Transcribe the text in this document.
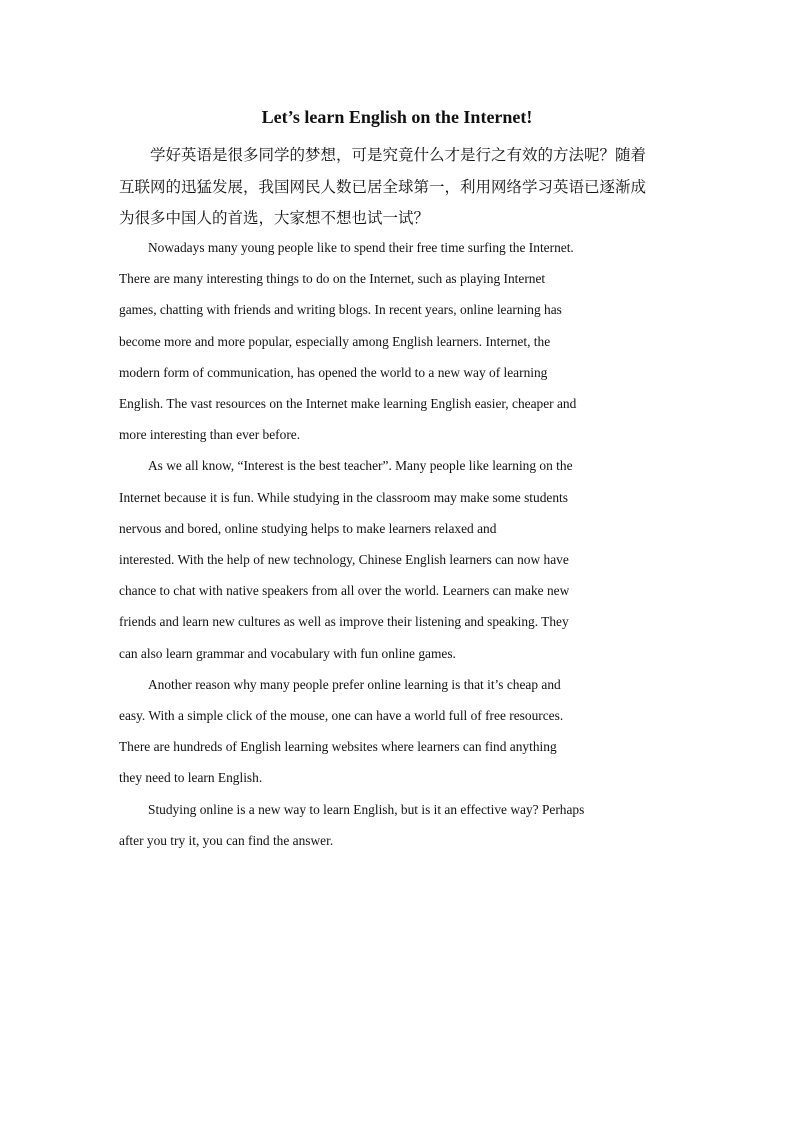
Let’s learn English on the Internet!

学好英语是很多同学的梦想，可是究竟什么才是行之有效的方法呢？随着
互联网的迅猛发展，我国网民人数已居全球第一，利用网络学习英语已逐渐成
为很多中国人的首选，大家想不想也试一试？

Nowadays many young people like to spend their free time surfing the Internet.
There are many interesting things to do on the Internet, such as playing Internet
games, chatting with friends and writing blogs. In recent years, online learning has
become more and more popular, especially among English learners. Internet, the
modern form of communication, has opened the world to a new way of learning
English. The vast resources on the Internet make learning English easier, cheaper and
more interesting than ever before.

As we all know, “Interest is the best teacher”. Many people like learning on the
Internet because it is fun. While studying in the classroom may make some students
nervous and bored, online studying helps to make learners relaxed and
interested. With the help of new technology, Chinese English learners can now have
chance to chat with native speakers from all over the world. Learners can make new
friends and learn new cultures as well as improve their listening and speaking. They
can also learn grammar and vocabulary with fun online games.

Another reason why many people prefer online learning is that it’s cheap and
easy. With a simple click of the mouse, one can have a world full of free resources.
There are hundreds of English learning websites where learners can find anything
they need to learn English.

Studying online is a new way to learn English, but is it an effective way? Perhaps
after you try it, you can find the answer.
